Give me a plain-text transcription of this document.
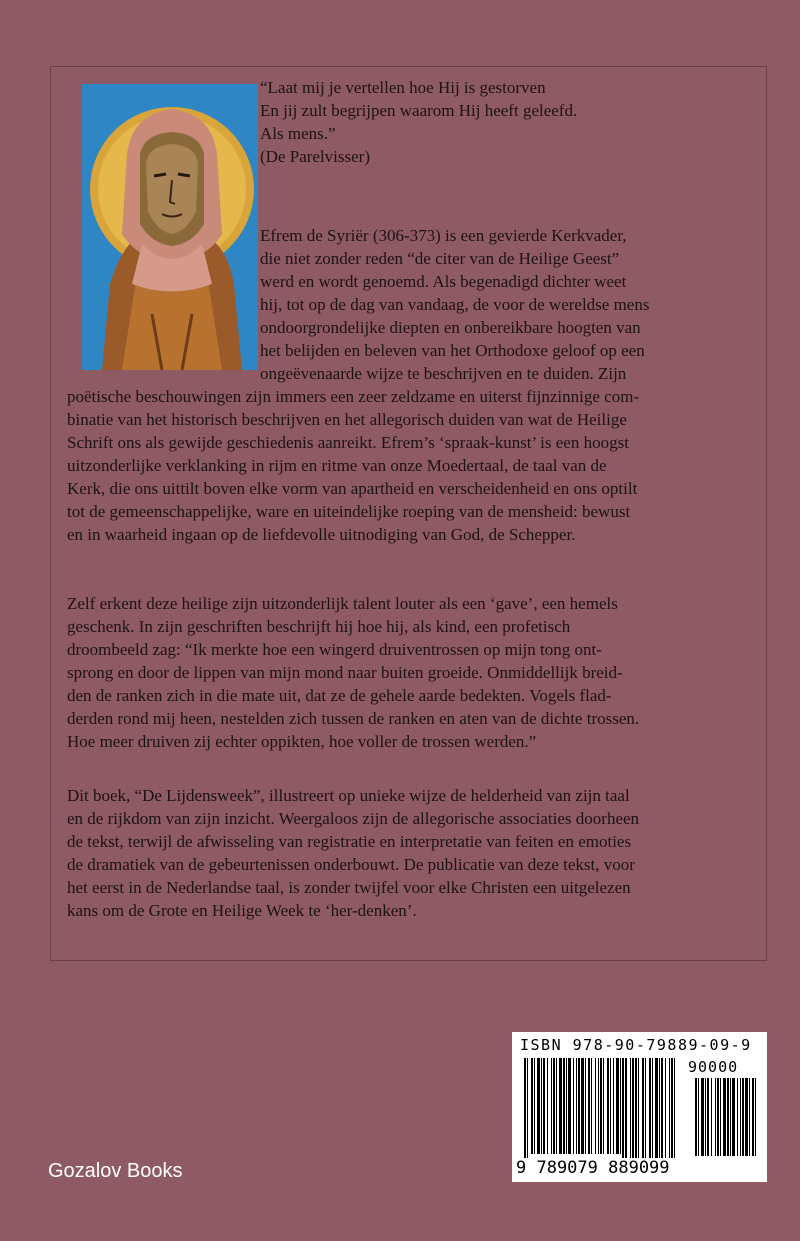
“Laat mij je vertellen hoe Hij is gestorven
En jij zult begrijpen waarom Hij heeft geleefd.
Als mens.”
(De Parelvisser)
Efrem de Syriër (306-373) is een gevierde Kerkvader,
die niet zonder reden “de citer van de Heilige Geest”
werd en wordt genoemd. Als begenadigd dichter weet
hij, tot op de dag van vandaag, de voor de wereldse mens
ondoorgrondelijke diepten en onbereikbare hoogten van
het belijden en beleven van het Orthodoxe geloof op een
ongeëvenaarde wijze te beschrijven en te duiden. Zijn
poëtische beschouwingen zijn immers een zeer zeldzame en uiterst fijnzinnige com-
binatie van het historisch beschrijven en het allegorisch duiden van wat de Heilige
Schrift ons als gewijde geschiedenis aanreikt. Efrem’s ‘spraak-kunst’ is een hoogst
uitzonderlijke verklanking in rijm en ritme van onze Moedertaal, de taal van de
Kerk, die ons uittilt boven elke vorm van apartheid en verscheidenheid en ons optilt
tot de gemeenschappelijke, ware en uiteindelijke roeping van de mensheid: bewust
en in waarheid ingaan op de liefdevolle uitnodiging van God, de Schepper.
Zelf erkent deze heilige zijn uitzonderlijk talent louter als een ‘gave’, een hemels
geschenk. In zijn geschriften beschrijft hij hoe hij, als kind, een profetisch
droombeeld zag: “Ik merkte hoe een wingerd druiventrossen op mijn tong ont-
sprong en door de lippen van mijn mond naar buiten groeide. Onmiddellijk breid-
den de ranken zich in die mate uit, dat ze de gehele aarde bedekten. Vogels flad-
derden rond mij heen, nestelden zich tussen de ranken en aten van de dichte trossen.
Hoe meer druiven zij echter oppikten, hoe voller de trossen werden.”
Dit boek, “De Lijdensweek”, illustreert op unieke wijze de helderheid van zijn taal
en de rijkdom van zijn inzicht. Weergaloos zijn de allegorische associaties doorheen
de tekst, terwijl de afwisseling van registratie en interpretatie van feiten en emoties
de dramatiek van de gebeurtenissen onderbouwt. De publicatie van deze tekst, voor
het eerst in de Nederlandse taal, is zonder twijfel voor elke Christen een uitgelezen
kans om de Grote en Heilige Week te ‘her-denken’.
Gozalov Books
ISBN 978-90-79889-09-9
90000
9 789079 889099
